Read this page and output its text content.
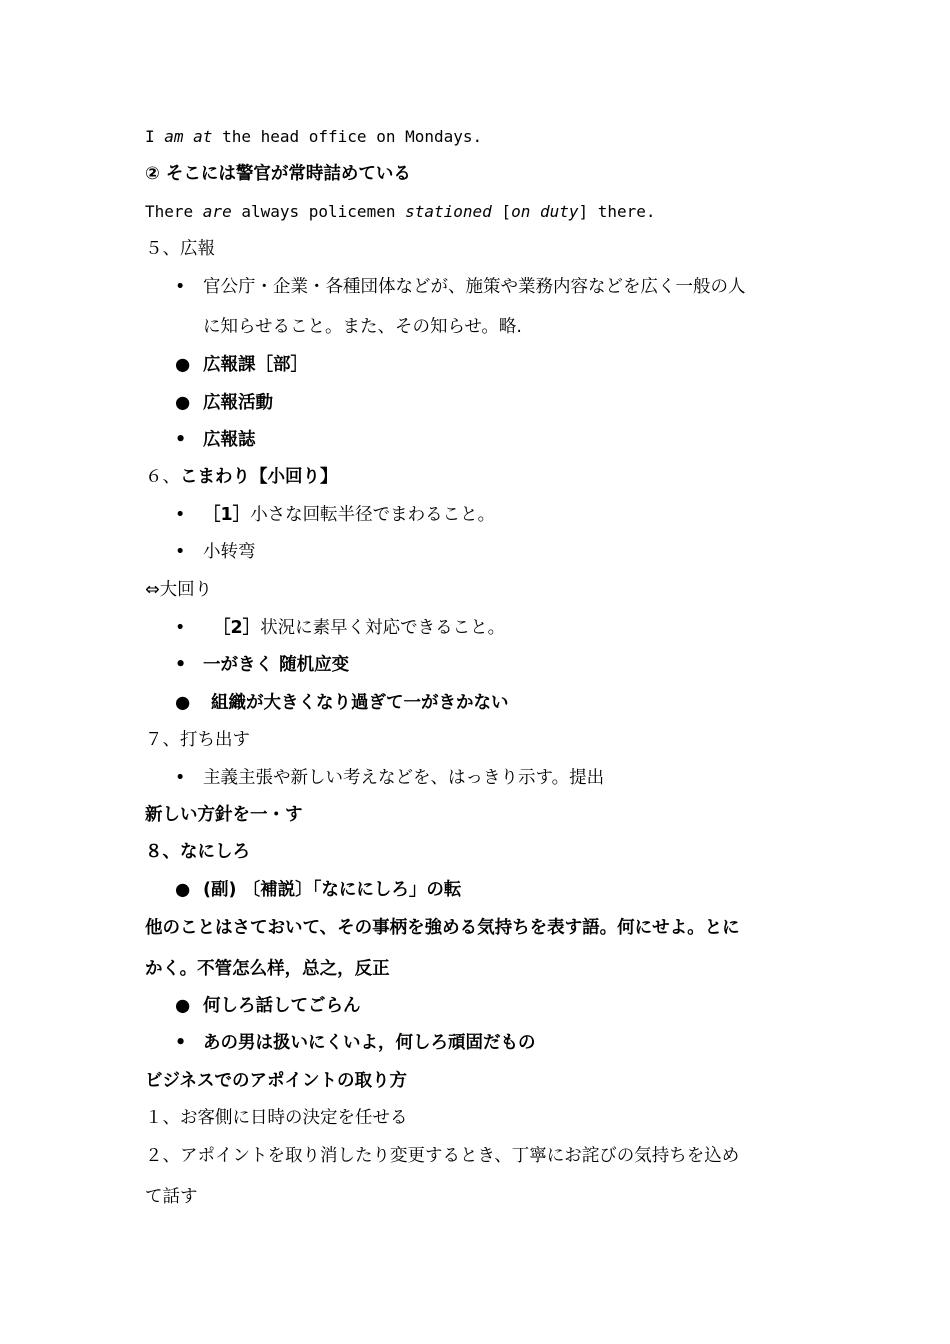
I am at the head office on Mondays.
② そこには警官が常時詰めている
There are always policemen stationed [on duty] there.
５、広報
• 官公庁・企業・各種団体などが、施策や業務内容などを広く一般の人
に知らせること。また、その知らせ。略.
● 広報課［部］
● 広報活動
• 広報誌
６、こまわり【小回り】
• ［1］小さな回転半径でまわること。
• 小转弯
⇔大回り
• ［2］状況に素早く対応できること。
• 一がきく 随机应变
● 組織が大きくなり過ぎて一がきかない
７、打ち出す
• 主義主張や新しい考えなどを、はっきり示す。提出
新しい方針を一・す
８、なにしろ
● (副) 〔補説〕「なににしろ」の転
他のことはさておいて、その事柄を強める気持ちを表す語。何にせよ。とに
かく。不管怎么样，总之，反正
● 何しろ話してごらん
• あの男は扱いにくいよ，何しろ頑固だもの
ビジネスでのアポイントの取り方
１、お客側に日時の決定を任せる
２、アポイントを取り消したり変更するとき、丁寧にお詫びの気持ちを込め
て話す
